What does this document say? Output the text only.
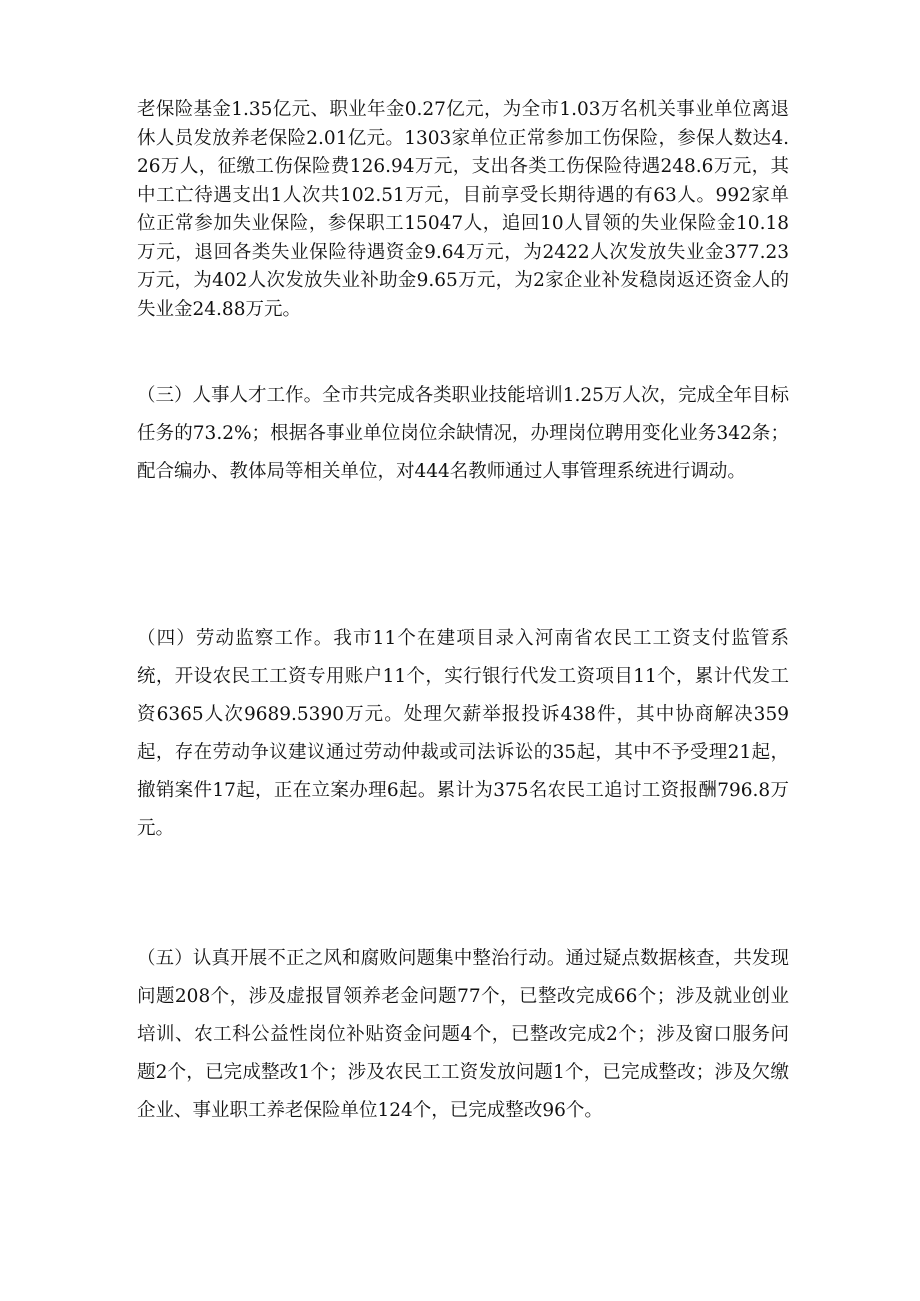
老保险基金1.35亿元、职业年金0.27亿元，为全市1.03万名机关事业单位离退休人员发放养老保险2.01亿元。1303家单位正常参加工伤保险，参保人数达4.26万人，征缴工伤保险费126.94万元，支出各类工伤保险待遇248.6万元，其中工亡待遇支出1人次共102.51万元，目前享受长期待遇的有63人。992家单位正常参加失业保险，参保职工15047人，追回10人冒领的失业保险金10.18万元，退回各类失业保险待遇资金9.64万元，为2422人次发放失业金377.23万元，为402人次发放失业补助金9.65万元，为2家企业补发稳岗返还资金人的失业金24.88万元。

（三）人事人才工作。全市共完成各类职业技能培训1.25万人次，完成全年目标任务的73.2%；根据各事业单位岗位余缺情况，办理岗位聘用变化业务342条；配合编办、教体局等相关单位，对444名教师通过人事管理系统进行调动。

（四）劳动监察工作。我市11个在建项目录入河南省农民工工资支付监管系统，开设农民工工资专用账户11个，实行银行代发工资项目11个，累计代发工资6365人次9689.5390万元。处理欠薪举报投诉438件，其中协商解决359起，存在劳动争议建议通过劳动仲裁或司法诉讼的35起，其中不予受理21起，撤销案件17起，正在立案办理6起。累计为375名农民工追讨工资报酬796.8万元。

（五）认真开展不正之风和腐败问题集中整治行动。通过疑点数据核查，共发现问题208个，涉及虚报冒领养老金问题77个，已整改完成66个；涉及就业创业培训、农工科公益性岗位补贴资金问题4个，已整改完成2个；涉及窗口服务问题2个，已完成整改1个；涉及农民工工资发放问题1个，已完成整改；涉及欠缴企业、事业职工养老保险单位124个，已完成整改96个。
